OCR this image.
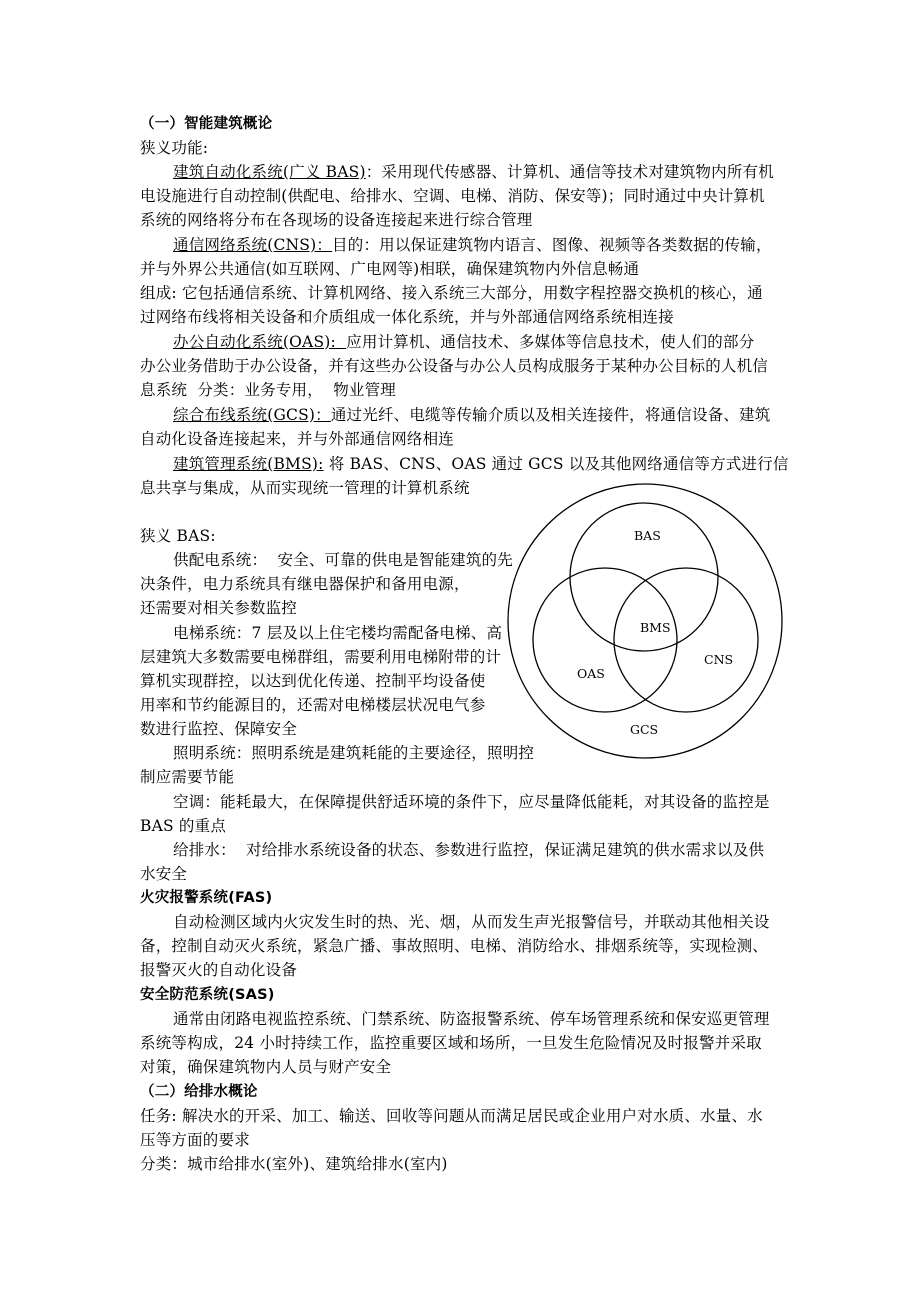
（一）智能建筑概论
狭义功能:
建筑自动化系统(广义 BAS)：采用现代传感器、计算机、通信等技术对建筑物内所有机
电设施进行自动控制(供配电、给排水、空调、电梯、消防、保安等)；同时通过中央计算机
系统的网络将分布在各现场的设备连接起来进行综合管理
通信网络系统(CNS)：目的：用以保证建筑物内语言、图像、视频等各类数据的传输，
并与外界公共通信(如互联网、广电网等)相联，确保建筑物内外信息畅通
组成: 它包括通信系统、计算机网络、接入系统三大部分，用数字程控器交换机的核心，通
过网络布线将相关设备和介质组成一体化系统，并与外部通信网络系统相连接
办公自动化系统(OAS):  应用计算机、通信技术、多媒体等信息技术，使人们的部分
办公业务借助于办公设备，并有这些办公设备与办公人员构成服务于某种办公目标的人机信
息系统  分类：业务专用，  物业管理
综合布线系统(GCS)：通过光纤、电缆等传输介质以及相关连接件，将通信设备、建筑
自动化设备连接起来，并与外部通信网络相连
建筑管理系统(BMS): 将 BAS、CNS、OAS 通过 GCS 以及其他网络通信等方式进行信
息共享与集成，从而实现统一管理的计算机系统
狭义 BAS:
供配电系统：  安全、可靠的供电是智能建筑的先
决条件，电力系统具有继电器保护和备用电源，
还需要对相关参数监控
电梯系统：7 层及以上住宅楼均需配备电梯、高
层建筑大多数需要电梯群组，需要利用电梯附带的计
算机实现群控，以达到优化传递、控制平均设备使
用率和节约能源目的，还需对电梯楼层状况电气参
数进行监控、保障安全
照明系统：照明系统是建筑耗能的主要途径，照明控
制应需要节能
空调：能耗最大，在保障提供舒适环境的条件下，应尽量降低能耗，对其设备的监控是
BAS 的重点
给排水：  对给排水系统设备的状态、参数进行监控，保证满足建筑的供水需求以及供
水安全
火灾报警系统(FAS)
自动检测区域内火灾发生时的热、光、烟，从而发生声光报警信号，并联动其他相关设
备，控制自动灭火系统，紧急广播、事故照明、电梯、消防给水、排烟系统等，实现检测、
报警灭火的自动化设备
安全防范系统(SAS)
通常由闭路电视监控系统、门禁系统、防盗报警系统、停车场管理系统和保安巡更管理
系统等构成，24 小时持续工作，监控重要区域和场所，一旦发生危险情况及时报警并采取
对策，确保建筑物内人员与财产安全
（二）给排水概论
任务: 解决水的开采、加工、输送、回收等问题从而满足居民或企业用户对水质、水量、水
压等方面的要求
分类：城市给排水(室外)、建筑给排水(室内)
BAS
BMS
CNS
OAS
GCS
